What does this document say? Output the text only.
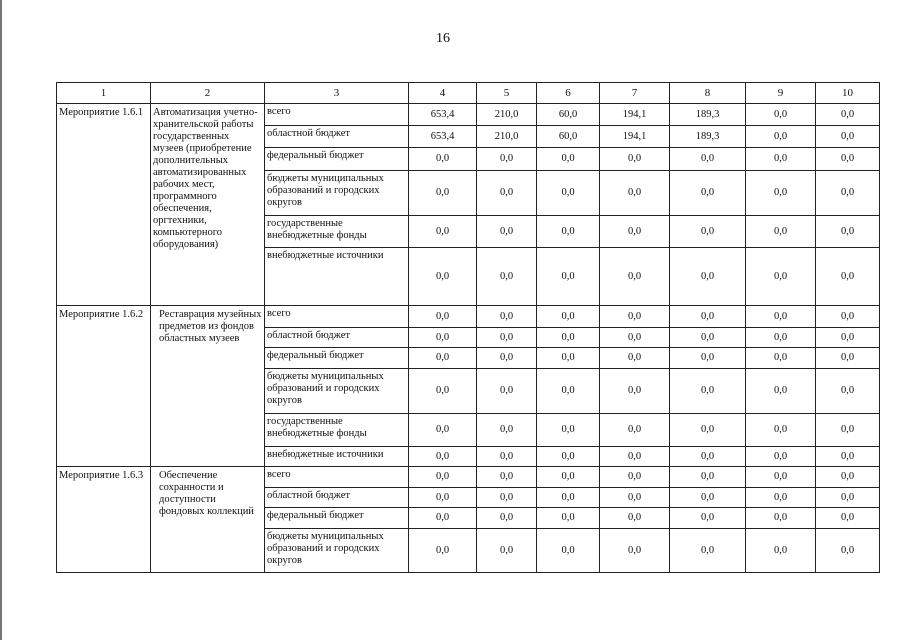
16
1	2	3	4	5	6	7	8	9	10
Мероприятие 1.6.1	Автоматизация учетно-хранительской работы государственных музеев (приобретение дополнительных автоматизированных рабочих мест, программного обеспечения, оргтехники, компьютерного оборудования)	всего	653,4	210,0	60,0	194,1	189,3	0,0	0,0
		областной бюджет	653,4	210,0	60,0	194,1	189,3	0,0	0,0
		федеральный бюджет	0,0	0,0	0,0	0,0	0,0	0,0	0,0
		бюджеты муниципальных образований и городских округов	0,0	0,0	0,0	0,0	0,0	0,0	0,0
		государственные внебюджетные фонды	0,0	0,0	0,0	0,0	0,0	0,0	0,0
		внебюджетные источники	0,0	0,0	0,0	0,0	0,0	0,0	0,0
Мероприятие 1.6.2	Реставрация музейных предметов из фондов областных музеев	всего	0,0	0,0	0,0	0,0	0,0	0,0	0,0
		областной бюджет	0,0	0,0	0,0	0,0	0,0	0,0	0,0
		федеральный бюджет	0,0	0,0	0,0	0,0	0,0	0,0	0,0
		бюджеты муниципальных образований и городских округов	0,0	0,0	0,0	0,0	0,0	0,0	0,0
		государственные внебюджетные фонды	0,0	0,0	0,0	0,0	0,0	0,0	0,0
		внебюджетные источники	0,0	0,0	0,0	0,0	0,0	0,0	0,0
Мероприятие 1.6.3	Обеспечение сохранности и доступности фондовых коллекций	всего	0,0	0,0	0,0	0,0	0,0	0,0	0,0
		областной бюджет	0,0	0,0	0,0	0,0	0,0	0,0	0,0
		федеральный бюджет	0,0	0,0	0,0	0,0	0,0	0,0	0,0
		бюджеты муниципальных образований и городских округов	0,0	0,0	0,0	0,0	0,0	0,0	0,0
